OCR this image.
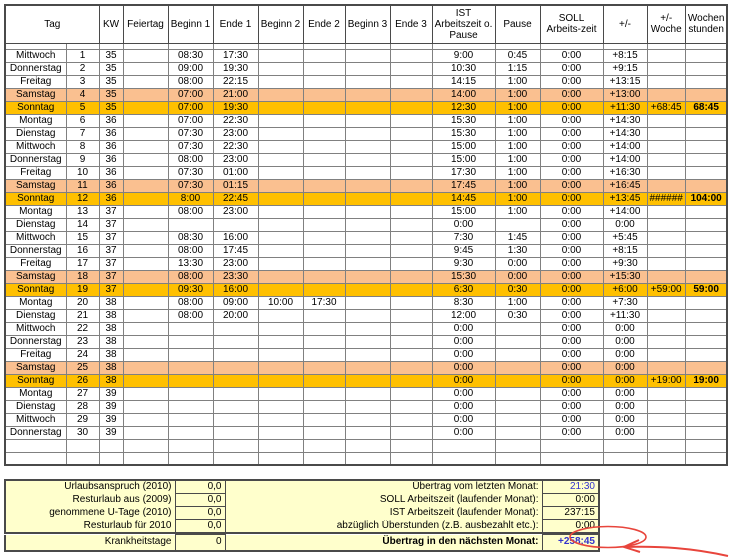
Tag		KW	Feiertag	Beginn 1	Ende 1	Beginn 2	Ende 2	Beginn 3	Ende 3	IST Arbeitszeit o. Pause	Pause	SOLL Arbeits-zeit	+/-	+/- Woche	Wochen stunden

Mittwoch	1	35		08:30	17:30					9:00	0:45	0:00	+8:15		
Donnerstag	2	35		09:00	19:30					10:30	1:15	0:00	+9:15		
Freitag	3	35		08:00	22:15					14:15	1:00	0:00	+13:15		
Samstag	4	35		07:00	21:00					14:00	1:00	0:00	+13:00		
Sonntag	5	35		07:00	19:30					12:30	1:00	0:00	+11:30	+68:45	68:45
Montag	6	36		07:00	22:30					15:30	1:00	0:00	+14:30		
Dienstag	7	36		07:30	23:00					15:30	1:00	0:00	+14:30		
Mittwoch	8	36		07:30	22:30					15:00	1:00	0:00	+14:00		
Donnerstag	9	36		08:00	23:00					15:00	1:00	0:00	+14:00		
Freitag	10	36		07:30	01:00					17:30	1:00	0:00	+16:30		
Samstag	11	36		07:30	01:15					17:45	1:00	0:00	+16:45		
Sonntag	12	36		8:00	22:45					14:45	1:00	0:00	+13:45	######	104:00
Montag	13	37		08:00	23:00					15:00	1:00	0:00	+14:00		
Dienstag	14	37								0:00		0:00	0:00		
Mittwoch	15	37		08:30	16:00					7:30	1:45	0:00	+5:45		
Donnerstag	16	37		08:00	17:45					9:45	1:30	0:00	+8:15		
Freitag	17	37		13:30	23:00					9:30	0:00	0:00	+9:30		
Samstag	18	37		08:00	23:30					15:30	0:00	0:00	+15:30		
Sonntag	19	37		09:30	16:00					6:30	0:30	0:00	+6:00	+59:00	59:00
Montag	20	38		08:00	09:00	10:00	17:30			8:30	1:00	0:00	+7:30		
Dienstag	21	38		08:00	20:00					12:00	0:30	0:00	+11:30		
Mittwoch	22	38								0:00		0:00	0:00		
Donnerstag	23	38								0:00		0:00	0:00		
Freitag	24	38								0:00		0:00	0:00		
Samstag	25	38								0:00		0:00	0:00		
Sonntag	26	38								0:00		0:00	0:00	+19:00	19:00
Montag	27	39								0:00		0:00	0:00		
Dienstag	28	39								0:00		0:00	0:00		
Mittwoch	29	39								0:00		0:00	0:00		
Donnerstag	30	39								0:00		0:00	0:00		

Urlaubsanspruch (2010)	0,0	Übertrag vom letzten Monat:	21:30
Resturlaub aus (2009)	0,0	SOLL Arbeitszeit (laufender Monat):	0:00
genommene U-Tage (2010)	0,0	IST Arbeitszeit (laufender Monat):	237:15
Resturlaub für 2010	0,0	abzüglich Überstunden (z.B. ausbezahlt etc.):	0:00
Krankheitstage	0	Übertrag in den nächsten Monat:	+258:45
